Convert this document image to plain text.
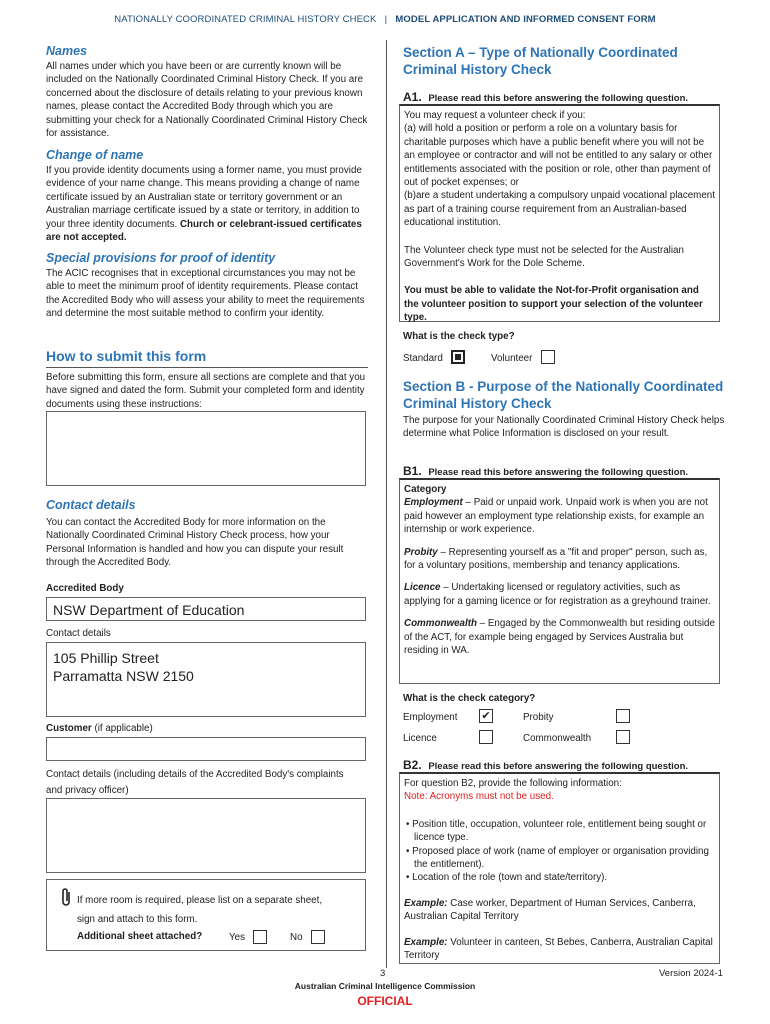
NATIONALLY COORDINATED CRIMINAL HISTORY CHECK | MODEL APPLICATION AND INFORMED CONSENT FORM
Names
All names under which you have been or are currently known will be included on the Nationally Coordinated Criminal History Check. If you are concerned about the disclosure of details relating to your previous known names, please contact the Accredited Body through which you are submitting your check for a Nationally Coordinated Criminal History Check for assistance.
Change of name
If you provide identity documents using a former name, you must provide evidence of your name change. This means providing a change of name certificate issued by an Australian state or territory government or an Australian marriage certificate issued by a state or territory, in addition to your three identity documents. Church or celebrant-issued certificates are not accepted.
Special provisions for proof of identity
The ACIC recognises that in exceptional circumstances you may not be able to meet the minimum proof of identity requirements. Please contact the Accredited Body who will assess your ability to meet the requirements and determine the most suitable method to confirm your identity.
How to submit this form
Before submitting this form, ensure all sections are complete and that you have signed and dated the form. Submit your completed form and identity documents using these instructions:
Contact details
You can contact the Accredited Body for more information on the Nationally Coordinated Criminal History Check process, how your Personal Information is handled and how you can dispute your result through the Accredited Body.
Accredited Body
NSW Department of Education
Contact details
105 Phillip Street
Parramatta NSW 2150
Customer (if applicable)
Contact details (including details of the Accredited Body's complaints and privacy officer)
If more room is required, please list on a separate sheet,
sign and attach to this form.
Additional sheet attached?	Yes	No
Section A – Type of Nationally Coordinated Criminal History Check
A1. Please read this before answering the following question.
You may request a volunteer check if you:
(a) will hold a position or perform a role on a voluntary basis for charitable purposes which have a public benefit where you will not be an employee or contractor and will not be entitled to any salary or other entitlements associated with the position or role, other than payment of out of pocket expenses; or
(b)are a student undertaking a compulsory unpaid vocational placement as part of a training course requirement from an Australian-based educational institution.
The Volunteer check type must not be selected for the Australian Government's Work for the Dole Scheme.
You must be able to validate the Not-for-Profit organisation and the volunteer position to support your selection of the volunteer type.
What is the check type?
Standard	Volunteer
Section B - Purpose of the Nationally Coordinated Criminal History Check
The purpose for your Nationally Coordinated Criminal History Check helps determine what Police Information is disclosed on your result.
B1. Please read this before answering the following question.
Category
Employment – Paid or unpaid work. Unpaid work is when you are not paid however an employment type relationship exists, for example an internship or work experience.
Probity – Representing yourself as a "fit and proper" person, such as, for a voluntary positions, membership and tenancy applications.
Licence – Undertaking licensed or regulatory activities, such as applying for a gaming licence or for registration as a greyhound trainer.
Commonwealth – Engaged by the Commonwealth but residing outside of the ACT, for example being engaged by Services Australia but residing in WA.
What is the check category?
Employment ✔	Probity
Licence	Commonwealth
B2. Please read this before answering the following question.
For question B2, provide the following information:
Note: Acronyms must not be used.
• Position title, occupation, volunteer role, entitlement being sought or licence type.
• Proposed place of work (name of employer or organisation providing the entitlement).
• Location of the role (town and state/territory).
Example: Case worker, Department of Human Services, Canberra, Australian Capital Territory
Example: Volunteer in canteen, St Bebes, Canberra, Australian Capital Territory
3	Version 2024-1
Australian Criminal Intelligence Commission
OFFICIAL
